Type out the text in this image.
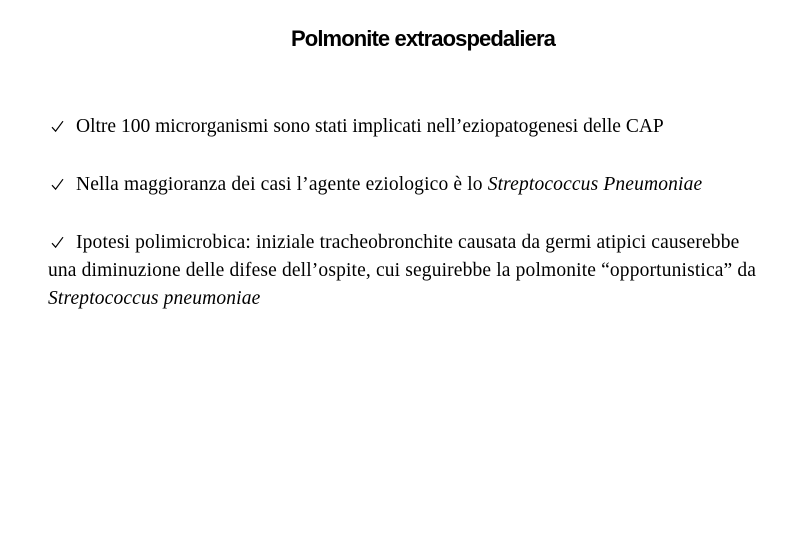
Polmonite extraospedaliera

Oltre 100 microrganismi sono stati implicati nell’eziopatogenesi delle CAP

Nella maggioranza dei casi l’agente eziologico è lo Streptococcus Pneumoniae

Ipotesi polimicrobica: iniziale tracheobronchite causata da germi atipici causerebbe una diminuzione delle difese dell’ospite, cui seguirebbe la polmonite “opportunistica” da Streptococcus pneumoniae
